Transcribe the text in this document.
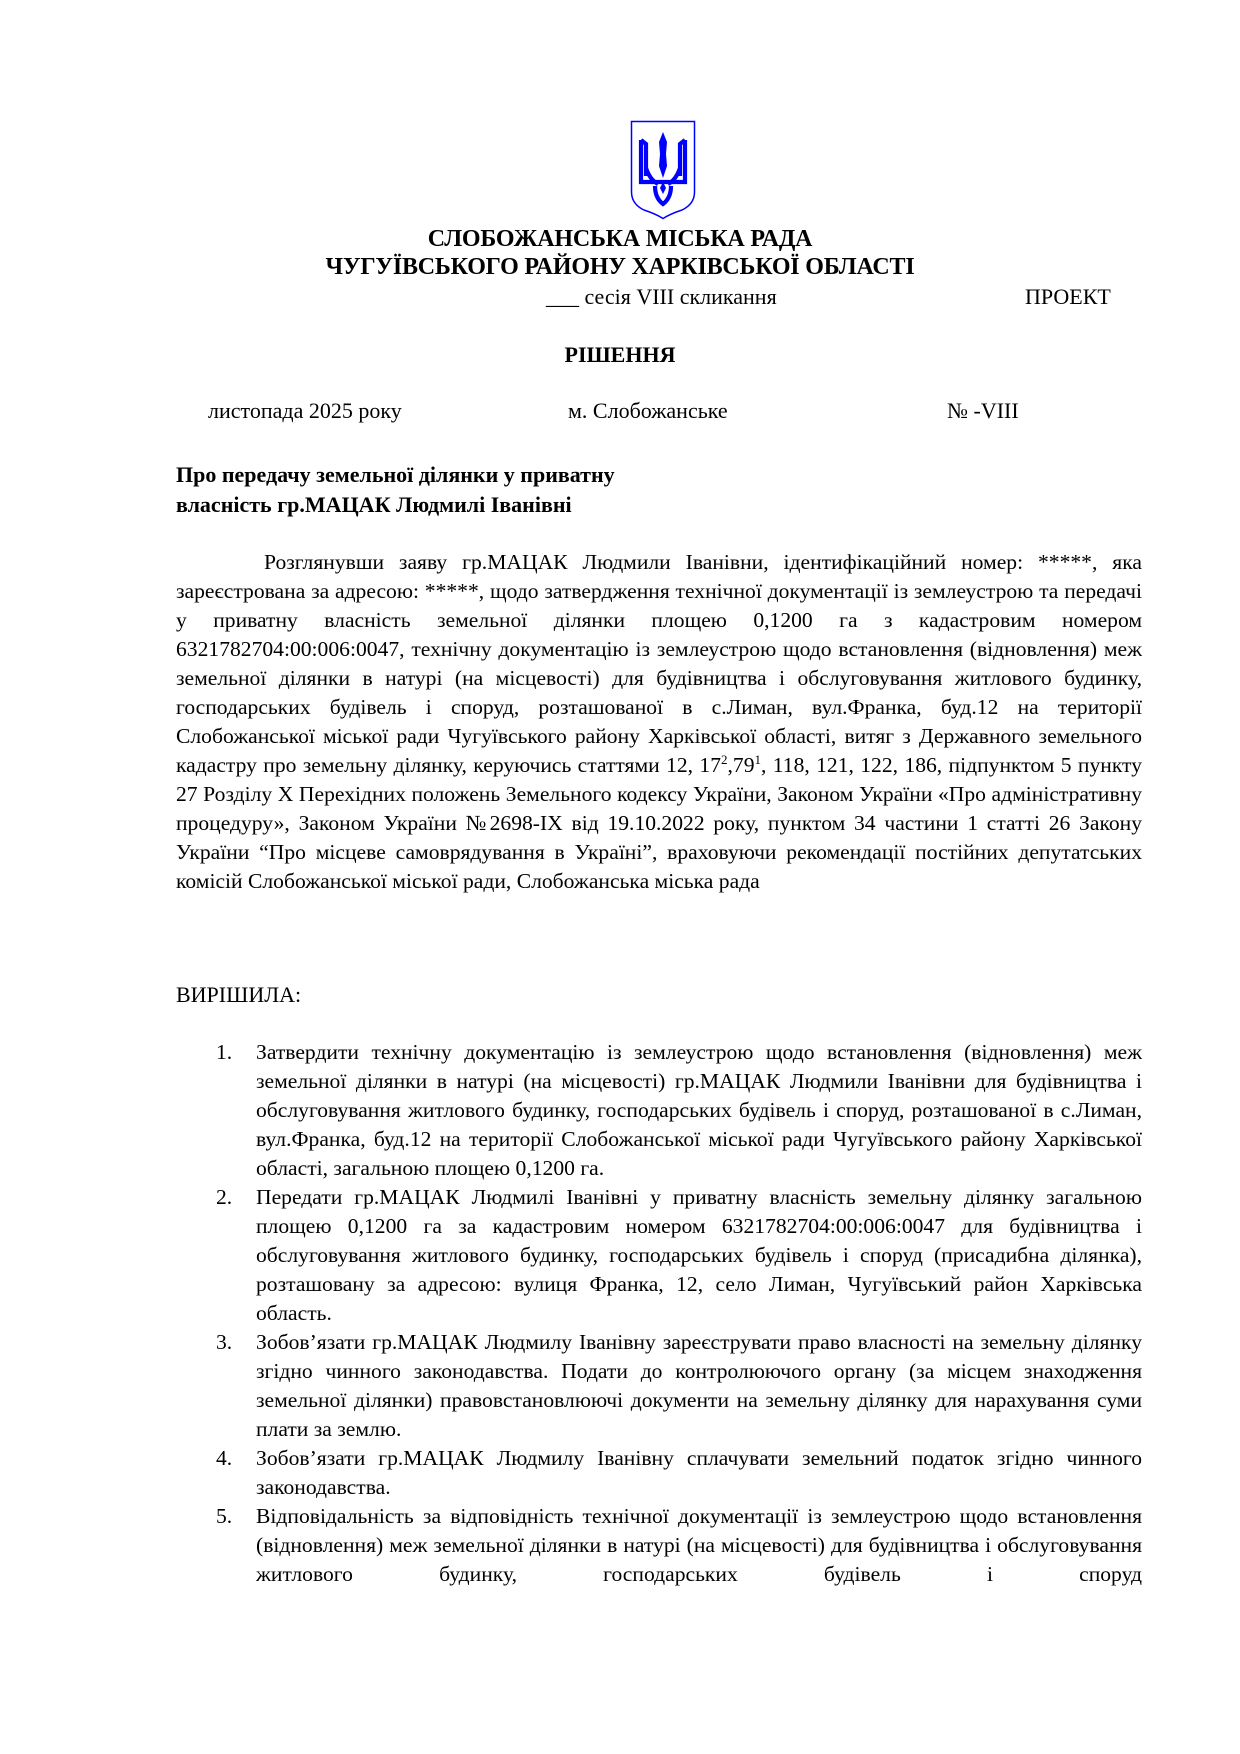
СЛОБОЖАНСЬКА МІСЬКА РАДА
ЧУГУЇВСЬКОГО РАЙОНУ ХАРКІВСЬКОЇ ОБЛАСТІ
___ сесія VIII скликання	ПРОЕКТ
РІШЕННЯ
листопада 2025 року	м. Слобожанське	№ -VIII
Про передачу земельної ділянки у приватну
власність гр.МАЦАК Людмилі Іванівні
Розглянувши заяву гр.МАЦАК Людмили Іванівни, ідентифікаційний номер: *****, яка зареєстрована за адресою: *****, щодо затвердження технічної документації із землеустрою та передачі у приватну власність земельної ділянки площею 0,1200 га з кадастровим номером 6321782704:00:006:0047, технічну документацію із землеустрою щодо встановлення (відновлення) меж земельної ділянки в натурі (на місцевості) для будівництва і обслуговування житлового будинку, господарських будівель і споруд, розташованої в с.Лиман, вул.Франка, буд.12 на території Слобожанської міської ради Чугуївського району Харківської області, витяг з Державного земельного кадастру про земельну ділянку, керуючись статтями 12, $17^2,79^1$, 118, 121, 122, 186, підпунктом 5 пункту 27 Розділу Х Перехідних положень Земельного кодексу України, Законом України «Про адміністративну процедуру», Законом України №2698-IX від 19.10.2022 року, пунктом 34 частини 1 статті 26 Закону України “Про місцеве самоврядування в Україні”, враховуючи рекомендації постійних депутатських комісій Слобожанської міської ради, Слобожанська міська рада
ВИРІШИЛА:
1. Затвердити технічну документацію із землеустрою щодо встановлення (відновлення) меж земельної ділянки в натурі (на місцевості) гр.МАЦАК Людмили Іванівни для будівництва і обслуговування житлового будинку, господарських будівель і споруд, розташованої в с.Лиман, вул.Франка, буд.12 на території Слобожанської міської ради Чугуївського району Харківської області, загальною площею 0,1200 га.
2. Передати гр.МАЦАК Людмилі Іванівні у приватну власність земельну ділянку загальною площею 0,1200 га за кадастровим номером 6321782704:00:006:0047 для будівництва і обслуговування житлового будинку, господарських будівель і споруд (присадибна ділянка), розташовану за адресою: вулиця Франка, 12, село Лиман, Чугуївський район Харківська область.
3. Зобов’язати гр.МАЦАК Людмилу Іванівну зареєструвати право власності на земельну ділянку згідно чинного законодавства. Подати до контролюючого органу (за місцем знаходження земельної ділянки) правовстановлюючі документи на земельну ділянку для нарахування суми плати за землю.
4. Зобов’язати гр.МАЦАК Людмилу Іванівну сплачувати земельний податок згідно чинного законодавства.
5. Відповідальність за відповідність технічної документації із землеустрою щодо встановлення (відновлення) меж земельної ділянки в натурі (на місцевості) для будівництва і обслуговування житлового будинку, господарських будівель і споруд
